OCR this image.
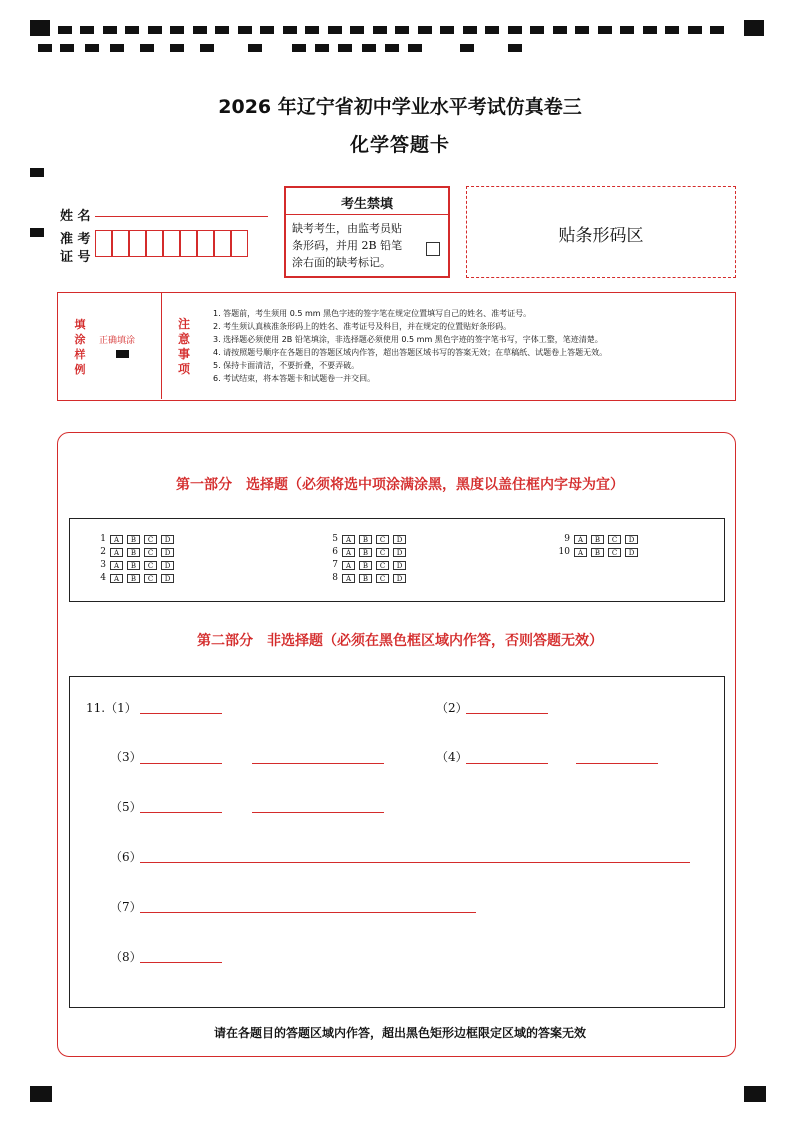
2026 年辽宁省初中学业水平考试仿真卷三
化学答题卡
姓 名
准 考
证 号
考生禁填
缺考考生，由监考员贴
条形码，并用 2B 铅笔
涂右面的缺考标记。
贴条形码区
填
涂
样
例
正确填涂
注
意
事
项
1. 答题前，考生须用 0.5 mm 黑色字迹的签字笔在规定位置填写自己的姓名、准考证号。
2. 考生须认真核准条形码上的姓名、准考证号及科目，并在规定的位置贴好条形码。
3. 选择题必须使用 2B 铅笔填涂，非选择题必须使用 0.5 mm 黑色字迹的签字笔书写，字体工整，笔迹清楚。
4. 请按照题号顺序在各题目的答题区域内作答，超出答题区域书写的答案无效；在草稿纸、试题卷上答题无效。
5. 保持卡面清洁，不要折叠，不要弄破。
6. 考试结束，将本答题卡和试题卷一并交回。
第一部分　选择题（必须将选中项涂满涂黑，黑度以盖住框内字母为宜）
1	A	B	C	D
2	A	B	C	D
3	A	B	C	D
4	A	B	C	D
5	A	B	C	D
6	A	B	C	D
7	A	B	C	D
8	A	B	C	D
9	A	B	C	D
10	A	B	C	D
第二部分　非选择题（必须在黑色框区域内作答，否则答题无效）
11.（1）	（2）
（3）	（4）
（5）
（6）
（7）
（8）
请在各题目的答题区域内作答，超出黑色矩形边框限定区域的答案无效
